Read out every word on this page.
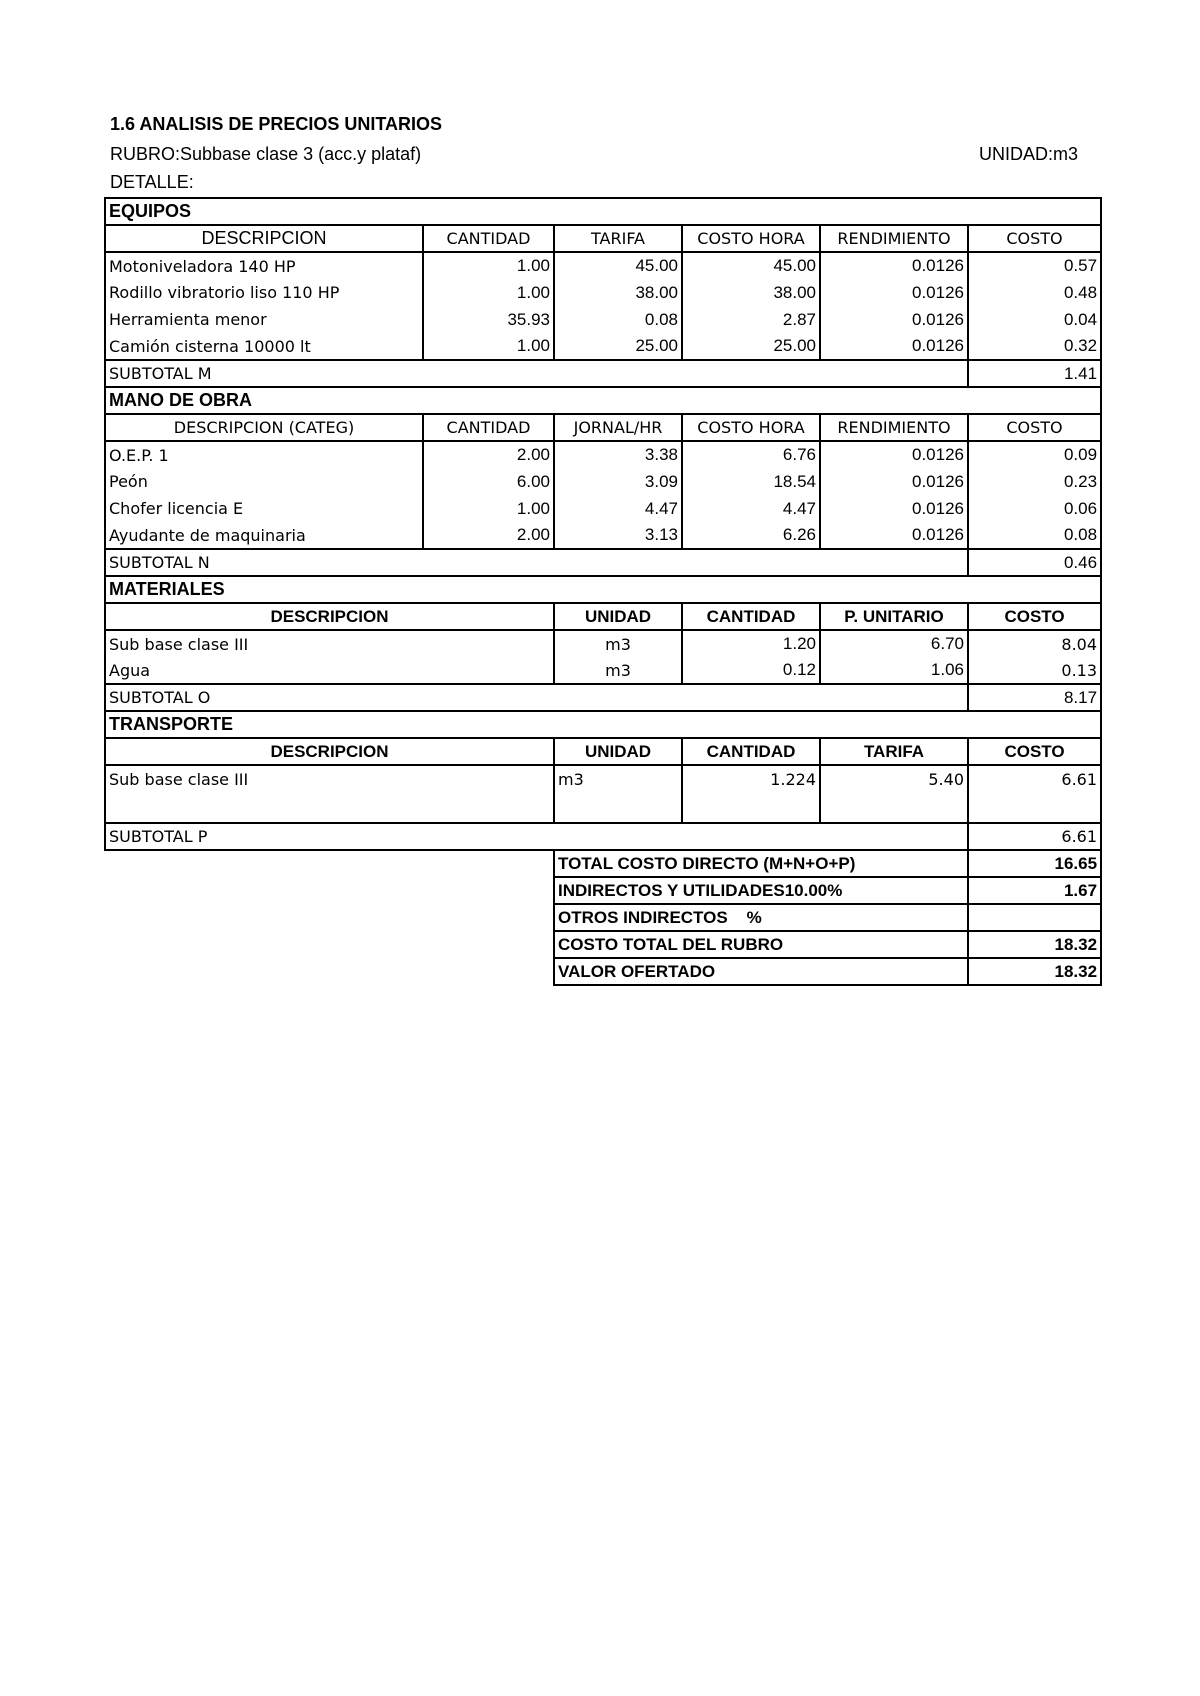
1.6 ANALISIS DE PRECIOS UNITARIOS
RUBRO:Subbase clase 3 (acc.y plataf)	UNIDAD:m3
DETALLE:
EQUIPOS					
DESCRIPCION	CANTIDAD	TARIFA	COSTO HORA	RENDIMIENTO	COSTO
Motoniveladora 140 HP	1.00	45.00	45.00	0.0126	0.57
Rodillo vibratorio liso 110 HP	1.00	38.00	38.00	0.0126	0.48
Herramienta menor	35.93	0.08	2.87	0.0126	0.04
Camión cisterna 10000 lt	1.00	25.00	25.00	0.0126	0.32
SUBTOTAL M					1.41
MANO DE OBRA					
DESCRIPCION (CATEG)	CANTIDAD	JORNAL/HR	COSTO HORA	RENDIMIENTO	COSTO
O.E.P. 1	2.00	3.38	6.76	0.0126	0.09
Peón	6.00	3.09	18.54	0.0126	0.23
Chofer licencia E	1.00	4.47	4.47	0.0126	0.06
Ayudante de maquinaria	2.00	3.13	6.26	0.0126	0.08
SUBTOTAL N					0.46
MATERIALES					
DESCRIPCION		UNIDAD	CANTIDAD	P. UNITARIO	COSTO
Sub base clase III		m3	1.20	6.70	8.04
Agua		m3	0.12	1.06	0.13
SUBTOTAL O					8.17
TRANSPORTE					
DESCRIPCION		UNIDAD	CANTIDAD	TARIFA	COSTO
Sub base clase III		m3	1.224	5.40	6.61
SUBTOTAL P					6.61
		TOTAL COSTO DIRECTO (M+N+O+P)			16.65
		INDIRECTOS Y UTILIDADES10.00%			1.67
		OTROS INDIRECTOS    %			
		COSTO TOTAL DEL RUBRO			18.32
		VALOR OFERTADO			18.32
